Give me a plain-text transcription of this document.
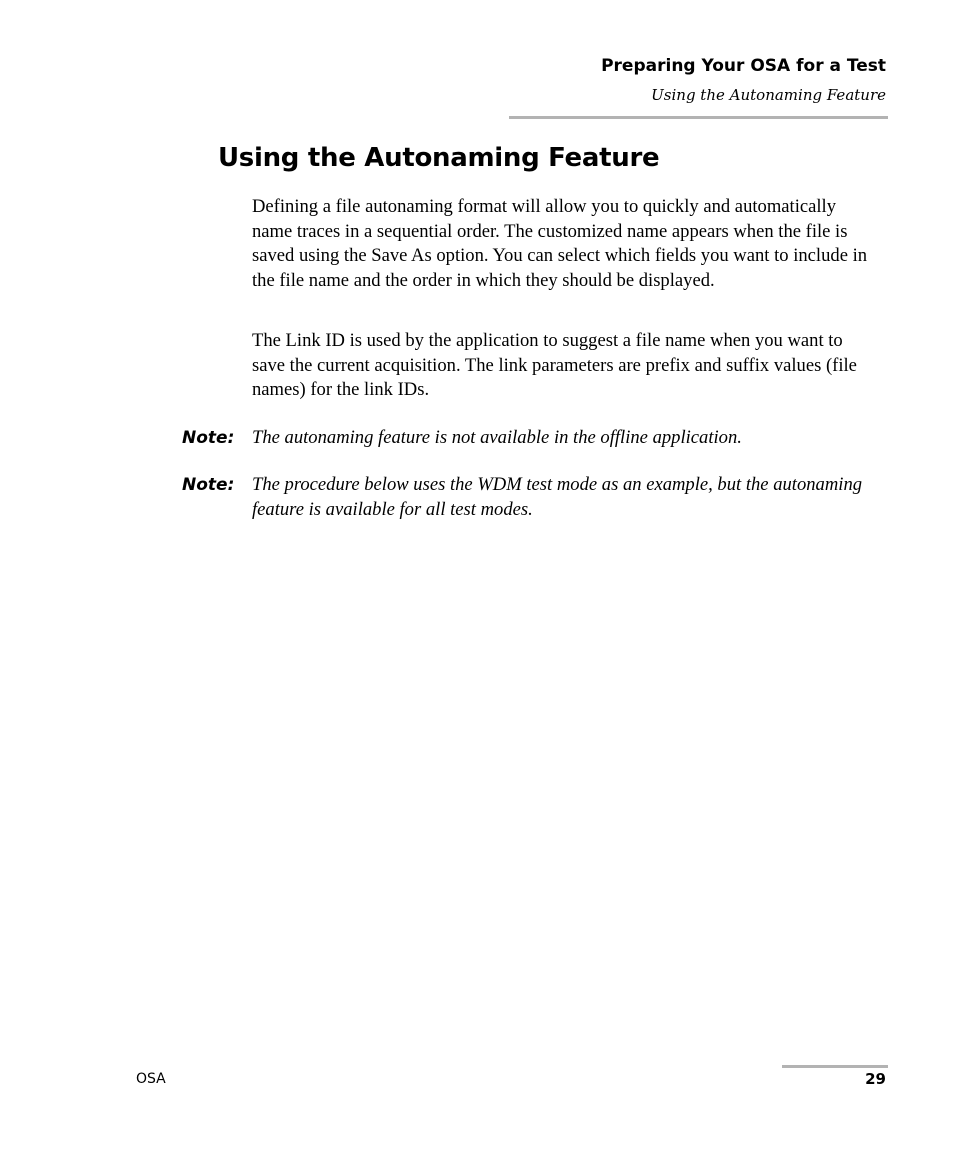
Preparing Your OSA for a Test
Using the Autonaming Feature
Using the Autonaming Feature

Defining a file autonaming format will allow you to quickly and automatically name traces in a sequential order. The customized name appears when the file is saved using the Save As option. You can select which fields you want to include in the file name and the order in which they should be displayed.

The Link ID is used by the application to suggest a file name when you want to save the current acquisition. The link parameters are prefix and suffix values (file names) for the link IDs.

Note: The autonaming feature is not available in the offline application.

Note: The procedure below uses the WDM test mode as an example, but the autonaming feature is available for all test modes.

OSA	29
